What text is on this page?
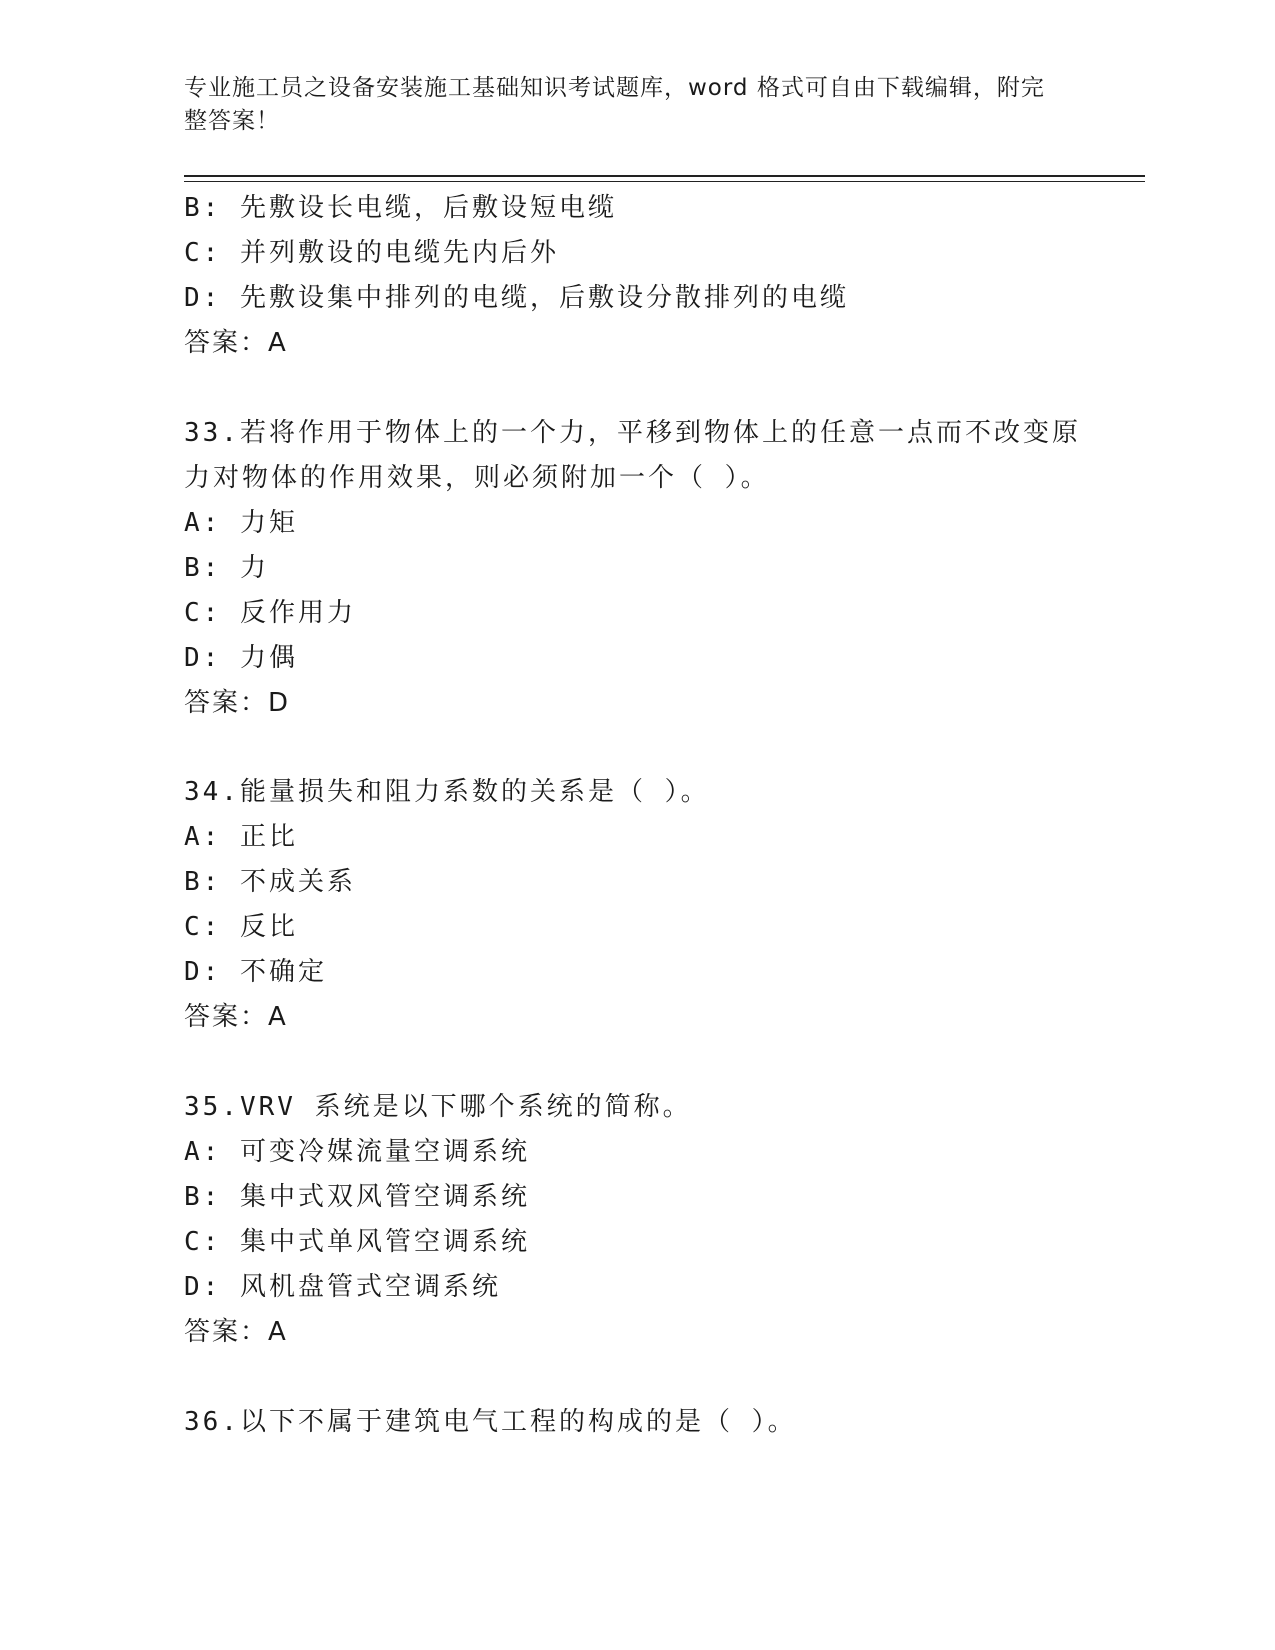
专业施工员之设备安装施工基础知识考试题库，word 格式可自由下载编辑，附完整答案！
B: 先敷设长电缆，后敷设短电缆
C: 并列敷设的电缆先内后外
D: 先敷设集中排列的电缆，后敷设分散排列的电缆
答案：A
33.若将作用于物体上的一个力，平移到物体上的任意一点而不改变原
力对物体的作用效果，则必须附加一个（ ）。
A: 力矩
B: 力
C: 反作用力
D: 力偶
答案：D
34.能量损失和阻力系数的关系是（ ）。
A: 正比
B: 不成关系
C: 反比
D: 不确定
答案：A
35.VRV 系统是以下哪个系统的简称。
A: 可变冷媒流量空调系统
B: 集中式双风管空调系统
C: 集中式单风管空调系统
D: 风机盘管式空调系统
答案：A
36.以下不属于建筑电气工程的构成的是（ ）。
